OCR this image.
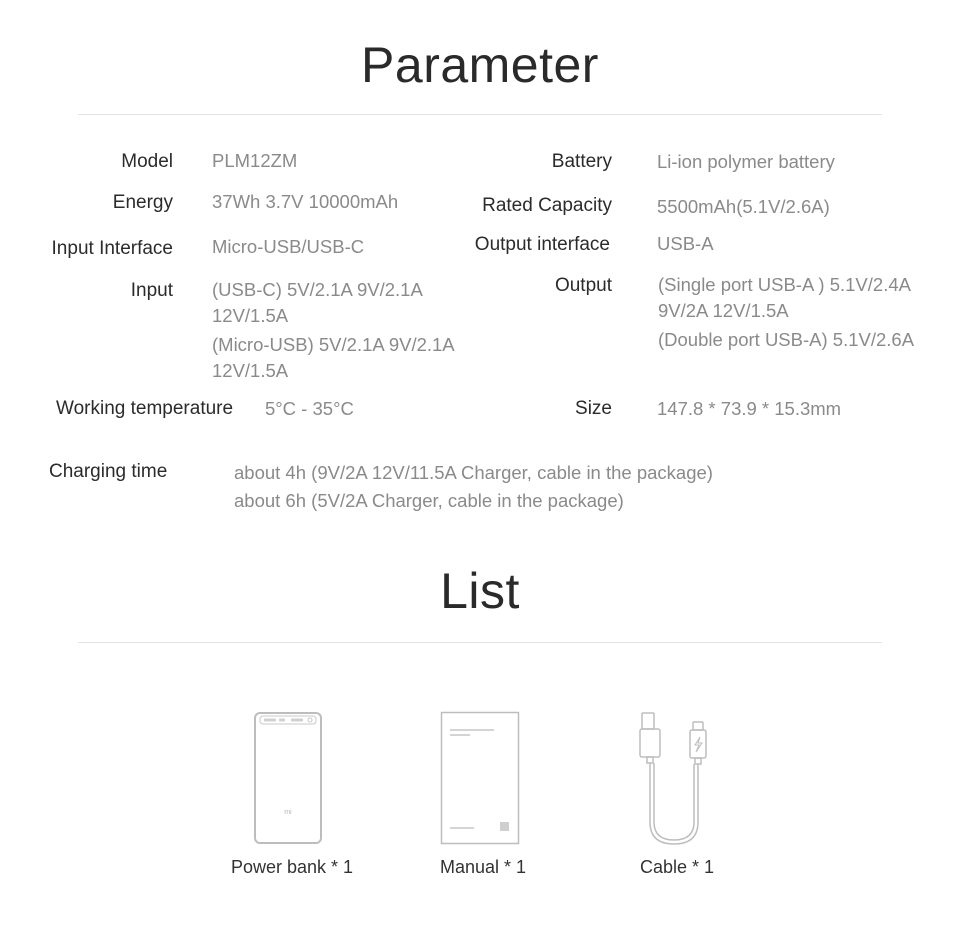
Parameter
Model PLM12ZM
Energy 37Wh 3.7V 10000mAh
Input Interface Micro-USB/USB-C
Input (USB-C) 5V/2.1A 9V/2.1A
12V/1.5A
(Micro-USB) 5V/2.1A 9V/2.1A
12V/1.5A
Working temperature 5°C - 35°C
Charging time	about 4h (9V/2A 12V/11.5A Charger, cable in the package)
about 6h (5V/2A Charger, cable in the package)
Battery Li-ion polymer battery
Rated Capacity 5500mAh(5.1V/2.6A)
Output interface	USB-A
Output (Single port USB-A ) 5.1V/2.4A
9V/2A 12V/1.5A
(Double port USB-A) 5.1V/2.6A
Size 147.8 * 73.9 * 15.3mm
List
mi
Power bank * 1	Manual * 1	Cable * 1
